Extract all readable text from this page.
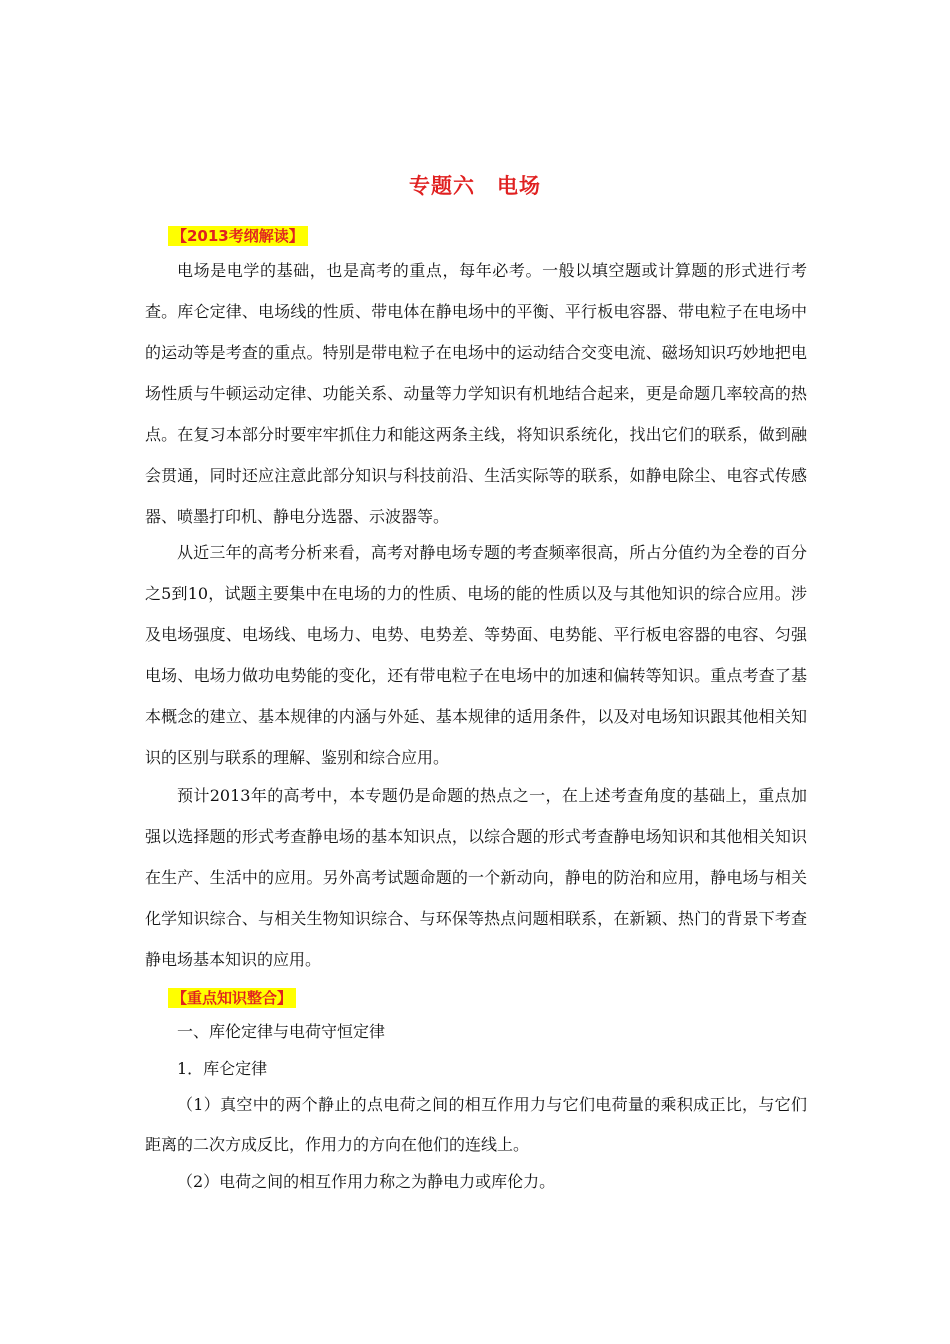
专题六　电场
【2013考纲解读】

电场是电学的基础，也是高考的重点，每年必考。一般以填空题或计算题的形式进行考查。库仑定律、电场线的性质、带电体在静电场中的平衡、平行板电容器、带电粒子在电场中的运动等是考查的重点。特别是带电粒子在电场中的运动结合交变电流、磁场知识巧妙地把电场性质与牛顿运动定律、功能关系、动量等力学知识有机地结合起来，更是命题几率较高的热点。在复习本部分时要牢牢抓住力和能这两条主线，将知识系统化，找出它们的联系，做到融会贯通，同时还应注意此部分知识与科技前沿、生活实际等的联系，如静电除尘、电容式传感器、喷墨打印机、静电分选器、示波器等。

从近三年的高考分析来看，高考对静电场专题的考查频率很高，所占分值约为全卷的百分之5到10，试题主要集中在电场的力的性质、电场的能的性质以及与其他知识的综合应用。涉及电场强度、电场线、电场力、电势、电势差、等势面、电势能、平行板电容器的电容、匀强电场、电场力做功电势能的变化，还有带电粒子在电场中的加速和偏转等知识。重点考查了基本概念的建立、基本规律的内涵与外延、基本规律的适用条件，以及对电场知识跟其他相关知识的区别与联系的理解、鉴别和综合应用。

预计2013年的高考中，本专题仍是命题的热点之一，在上述考查角度的基础上，重点加强以选择题的形式考查静电场的基本知识点，以综合题的形式考查静电场知识和其他相关知识在生产、生活中的应用。另外高考试题命题的一个新动向，静电的防治和应用，静电场与相关化学知识综合、与相关生物知识综合、与环保等热点问题相联系，在新颖、热门的背景下考查静电场基本知识的应用。

【重点知识整合】
一、库伦定律与电荷守恒定律
1．库仑定律

（1）真空中的两个静止的点电荷之间的相互作用力与它们电荷量的乘积成正比，与它们距离的二次方成反比，作用力的方向在他们的连线上。

（2）电荷之间的相互作用力称之为静电力或库伦力。
